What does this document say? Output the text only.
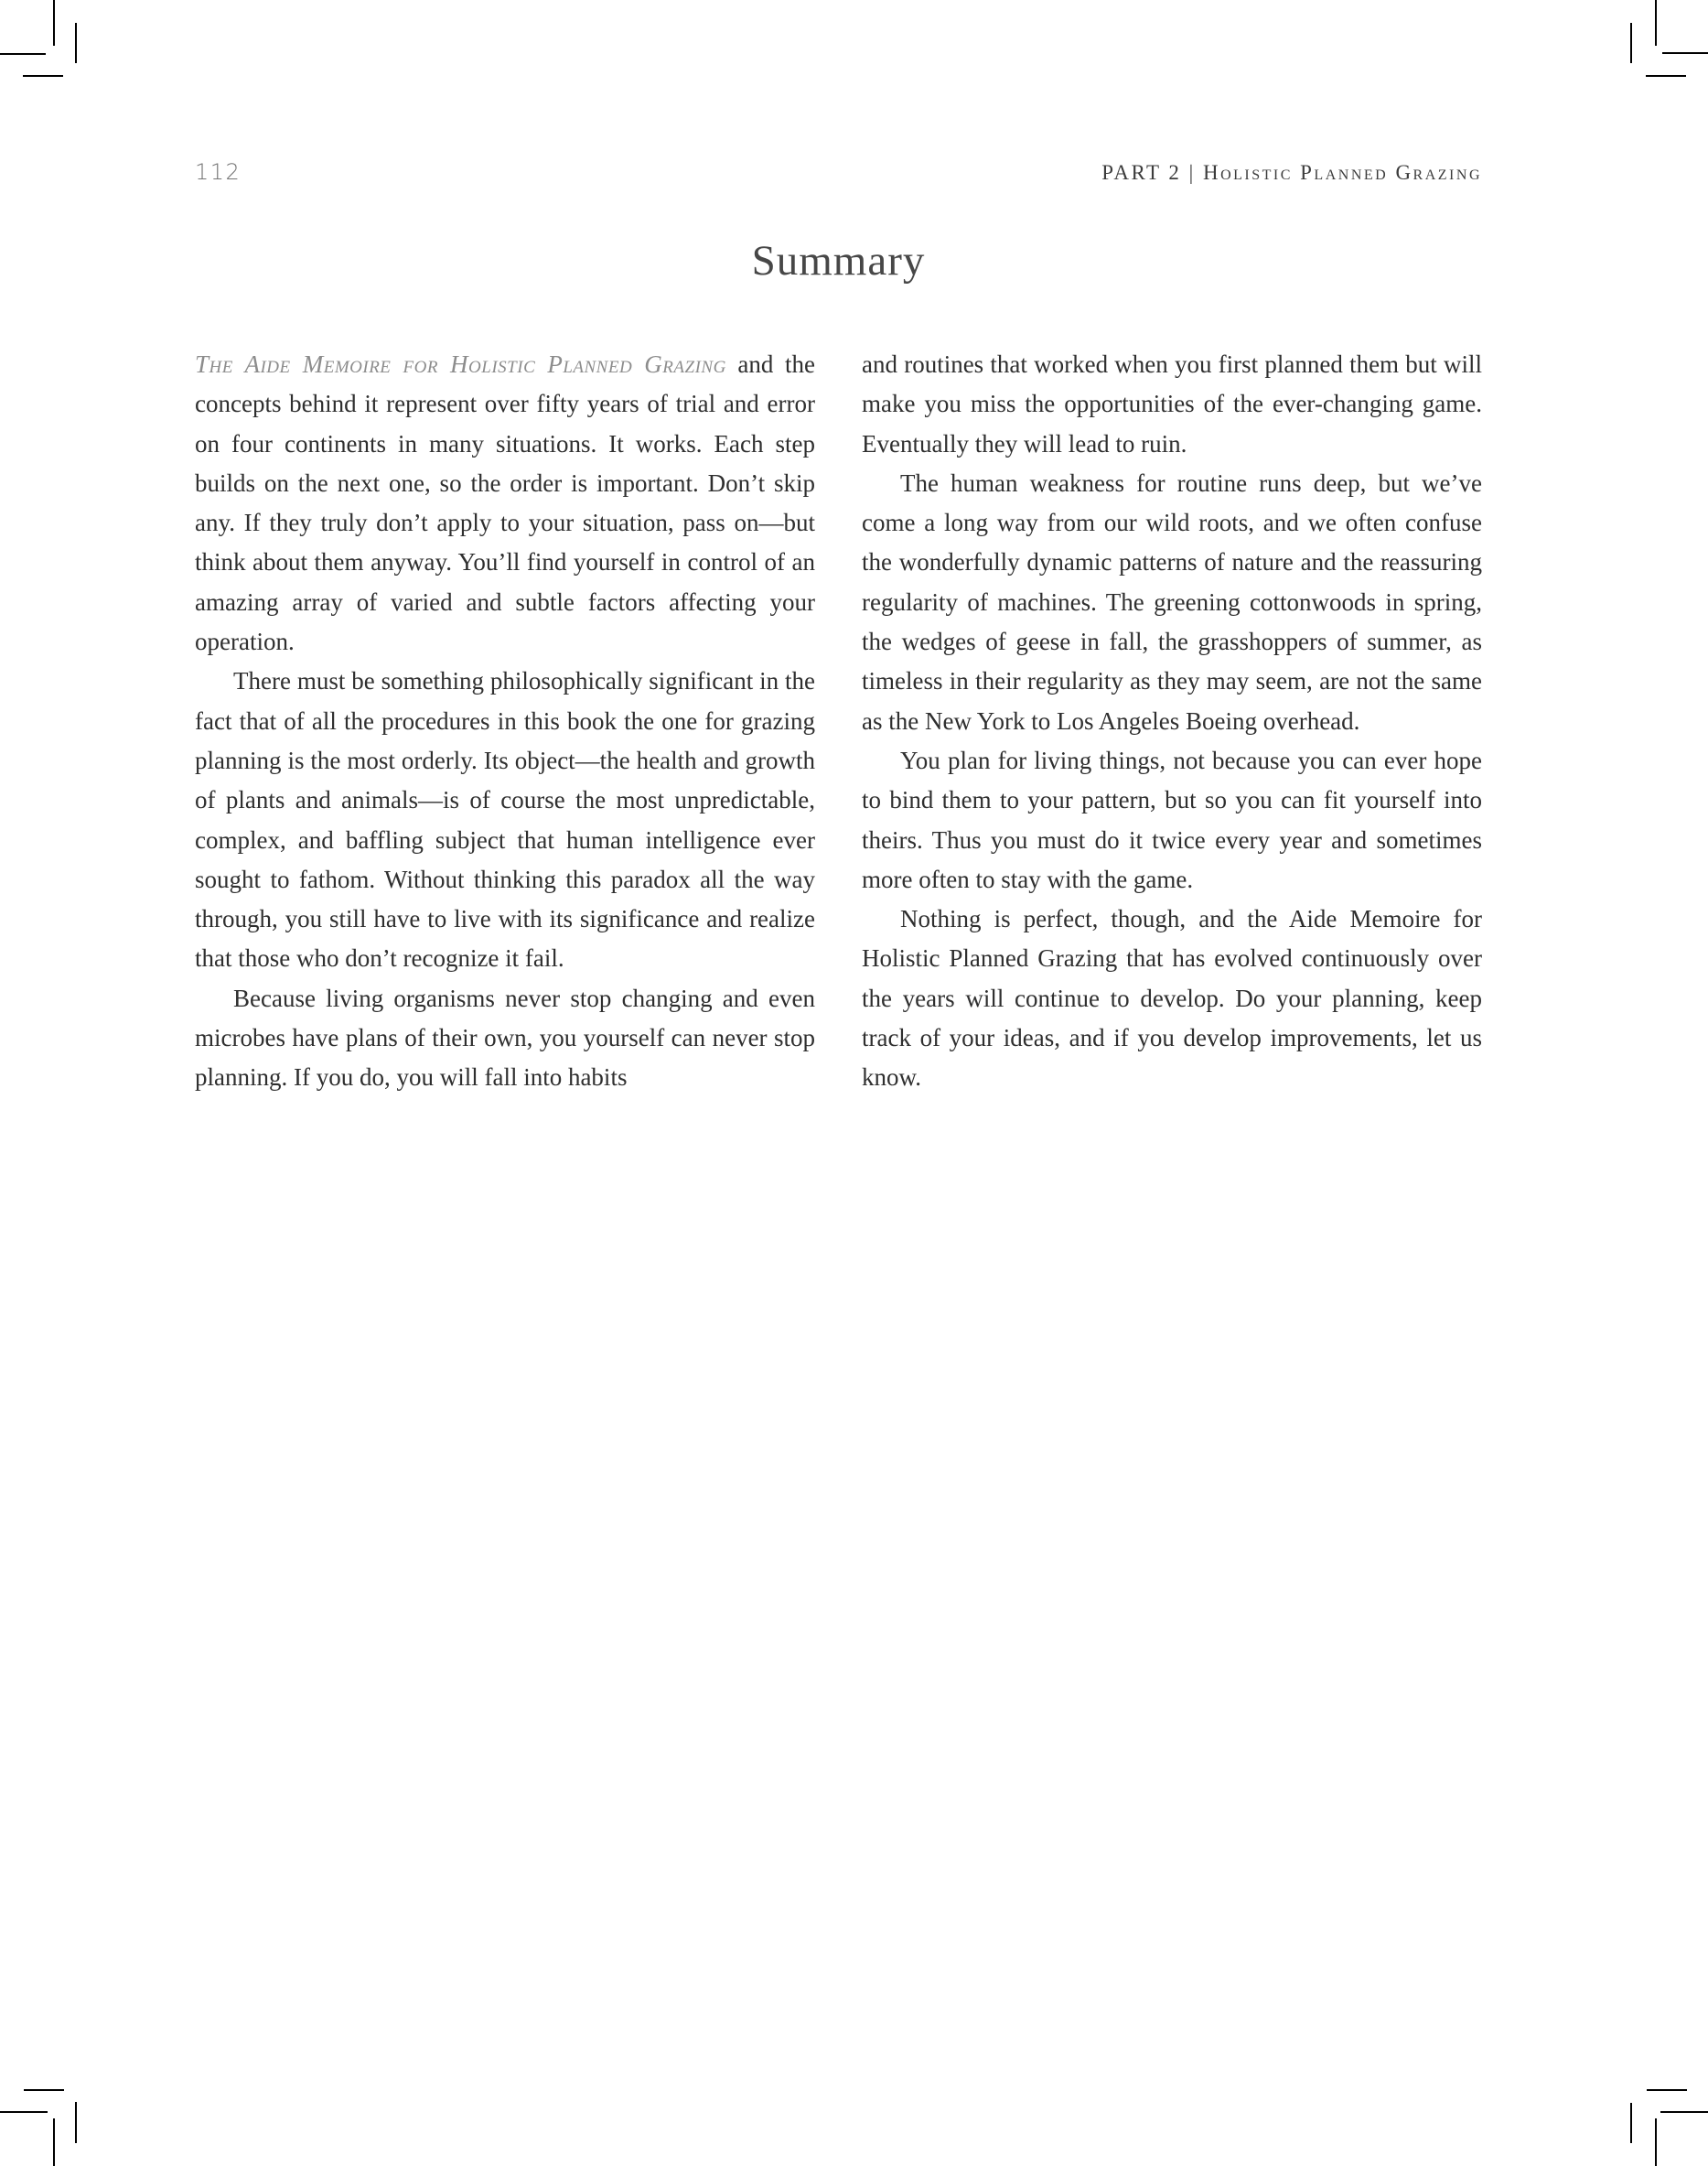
112	PART 2 | Holistic Planned Grazing
Summary

The Aide Memoire for Holistic Planned Grazing and the concepts behind it represent over fifty years of trial and error on four continents in many situations. It works. Each step builds on the next one, so the order is important. Don’t skip any. If they truly don’t apply to your situation, pass on—but think about them anyway. You’ll find yourself in control of an amazing array of varied and subtle factors affecting your operation.

There must be something philosophically significant in the fact that of all the procedures in this book the one for grazing planning is the most orderly. Its object—the health and growth of plants and animals—is of course the most unpredictable, complex, and baffling subject that human intelligence ever sought to fathom. Without thinking this paradox all the way through, you still have to live with its significance and realize that those who don’t recognize it fail.

Because living organisms never stop changing and even microbes have plans of their own, you yourself can never stop planning. If you do, you will fall into habits

and routines that worked when you first planned them but will make you miss the opportunities of the ever-changing game. Eventually they will lead to ruin.

The human weakness for routine runs deep, but we’ve come a long way from our wild roots, and we often confuse the wonderfully dynamic patterns of nature and the reassuring regularity of machines. The greening cottonwoods in spring, the wedges of geese in fall, the grasshoppers of summer, as timeless in their regularity as they may seem, are not the same as the New York to Los Angeles Boeing overhead.

You plan for living things, not because you can ever hope to bind them to your pattern, but so you can fit yourself into theirs. Thus you must do it twice every year and sometimes more often to stay with the game.

Nothing is perfect, though, and the Aide Memoire for Holistic Planned Grazing that has evolved continuously over the years will continue to develop. Do your planning, keep track of your ideas, and if you develop improvements, let us know.
